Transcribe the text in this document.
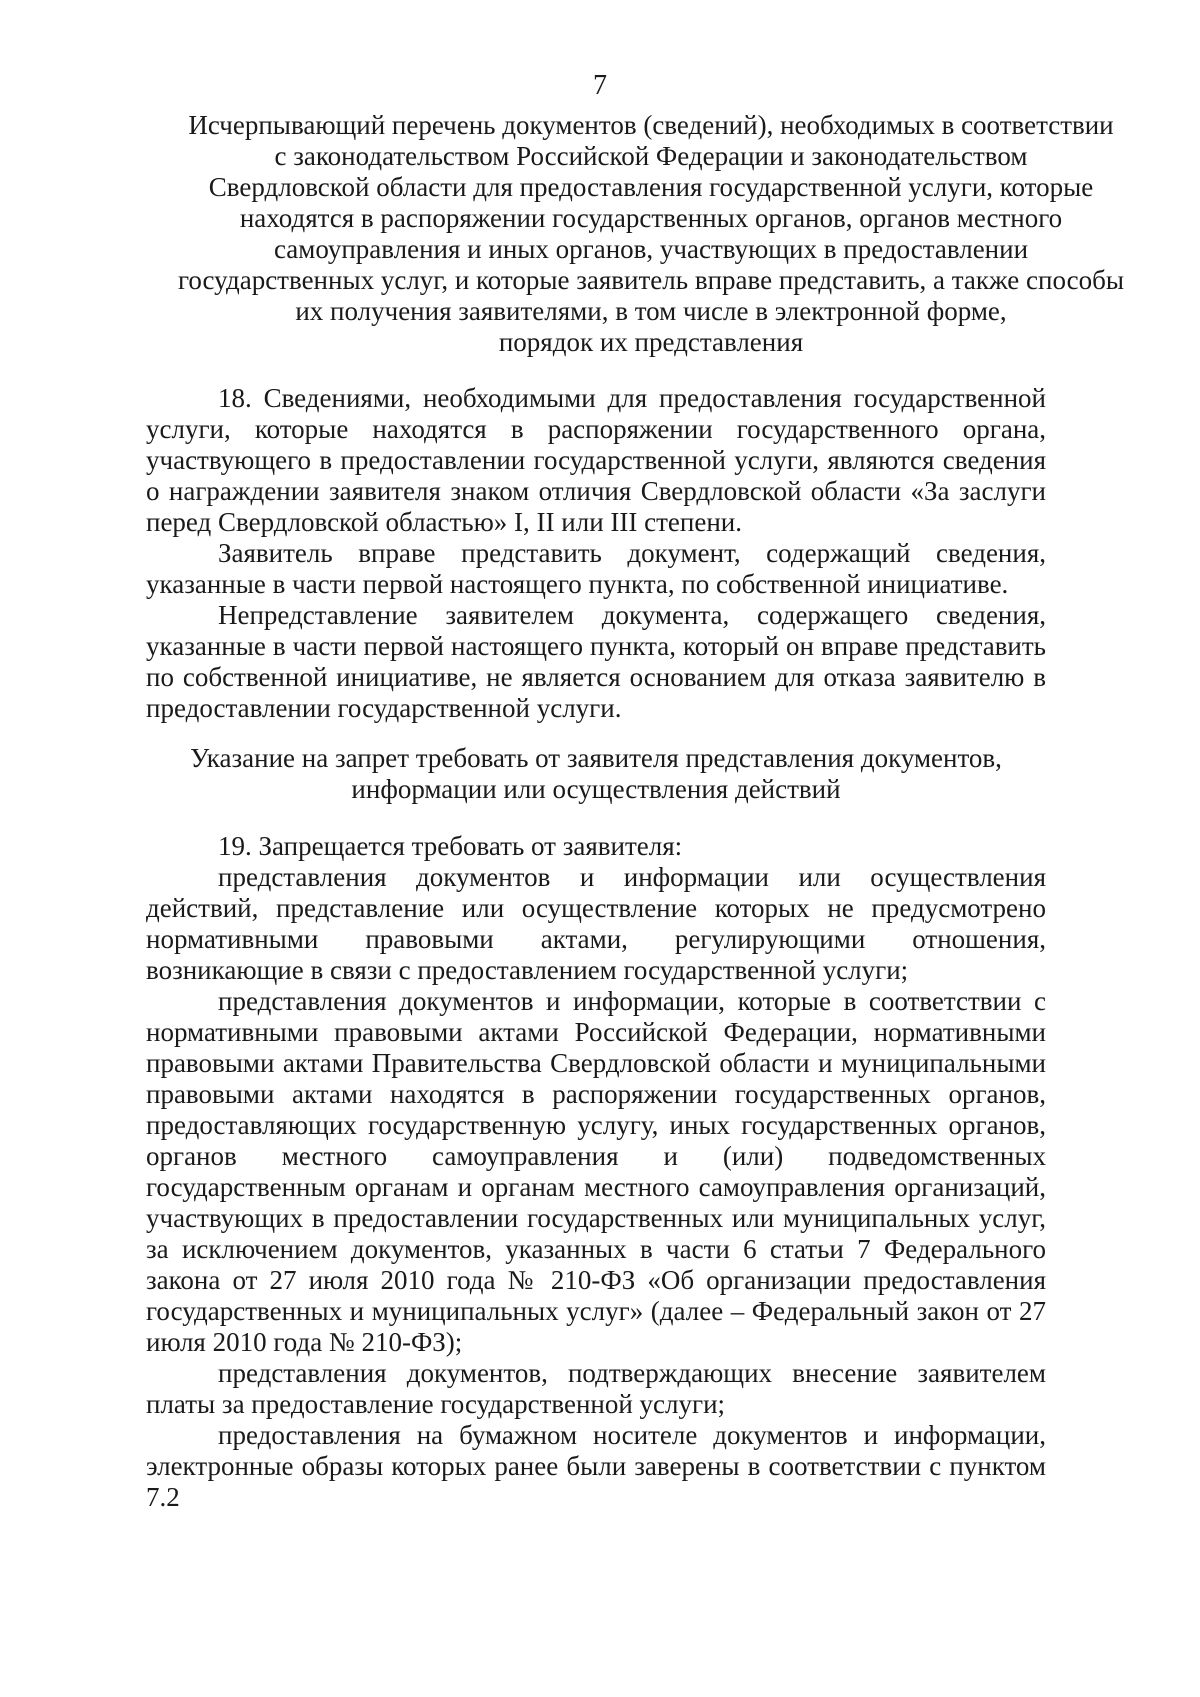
7

Исчерпывающий перечень документов (сведений), необходимых в соответствии

с законодательством Российской Федерации и законодательством

Свердловской области для предоставления государственной услуги, которые

находятся в распоряжении государственных органов, органов местного

самоуправления и иных органов, участвующих в предоставлении

государственных услуг, и которые заявитель вправе представить, а также способы

их получения заявителями, в том числе в электронной форме,

порядок их представления

18. Сведениями, необходимыми для предоставления государственной услуги, которые находятся в распоряжении государственного органа, участвующего в предоставлении государственной услуги, являются сведения о награждении заявителя знаком отличия Свердловской области «За заслуги перед Свердловской областью» I, II или III степени.

Заявитель вправе представить документ, содержащий сведения, указанные в части первой настоящего пункта, по собственной инициативе.

Непредставление заявителем документа, содержащего сведения, указанные в части первой настоящего пункта, который он вправе представить по собственной инициативе, не является основанием для отказа заявителю в предоставлении государственной услуги.

Указание на запрет требовать от заявителя представления документов,

информации или осуществления действий

19. Запрещается требовать от заявителя:

представления документов и информации или осуществления действий, представление или осуществление которых не предусмотрено нормативными правовыми актами, регулирующими отношения, возникающие в связи с предоставлением государственной услуги;

представления документов и информации, которые в соответствии с нормативными правовыми актами Российской Федерации, нормативными правовыми актами Правительства Свердловской области и муниципальными правовыми актами находятся в распоряжении государственных органов, предоставляющих государственную услугу, иных государственных органов, органов местного самоуправления и (или) подведомственных государственным органам и органам местного самоуправления организаций, участвующих в предоставлении государственных или муниципальных услуг, за исключением документов, указанных в части 6 статьи 7 Федерального закона от 27 июля 2010 года № 210-ФЗ «Об организации предоставления государственных и муниципальных услуг» (далее – Федеральный закон от 27 июля 2010 года № 210-ФЗ);

представления документов, подтверждающих внесение заявителем платы за предоставление государственной услуги;

предоставления на бумажном носителе документов и информации, электронные образы которых ранее были заверены в соответствии с пунктом 7.2
